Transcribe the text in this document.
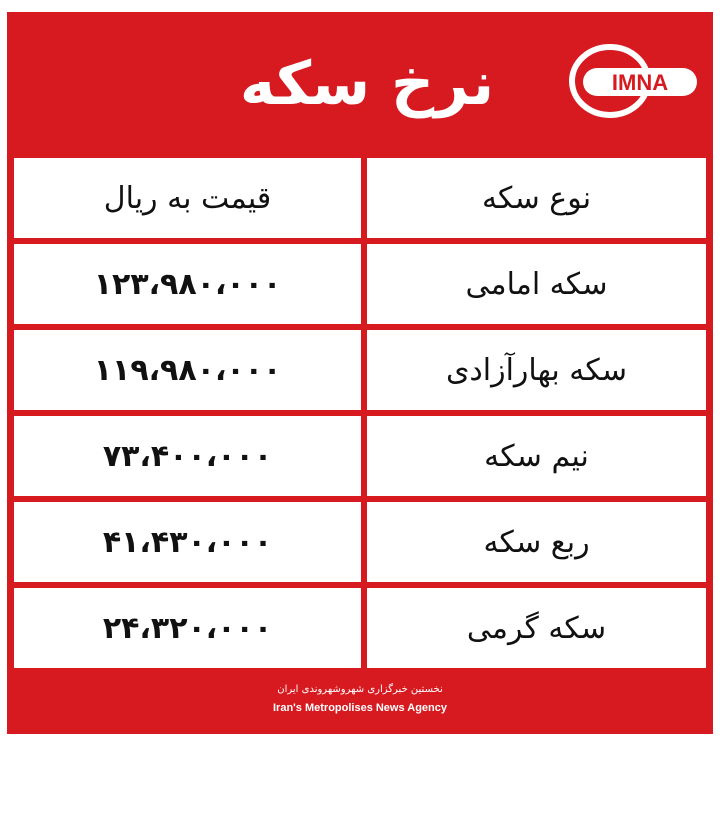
نرخ سکه	IMNA
قیمت به ریال	نوع سکه
۱۲۳،۹۸۰،۰۰۰	سکه امامی
۱۱۹،۹۸۰،۰۰۰	سکه بهارآزادی
۷۳،۴۰۰،۰۰۰	نیم سکه
۴۱،۴۳۰،۰۰۰	ربع سکه
۲۴،۳۲۰،۰۰۰	سکه گرمی
نخستین خبرگزاری شهروشهروندی ایران
Iran's Metropolises News Agency
